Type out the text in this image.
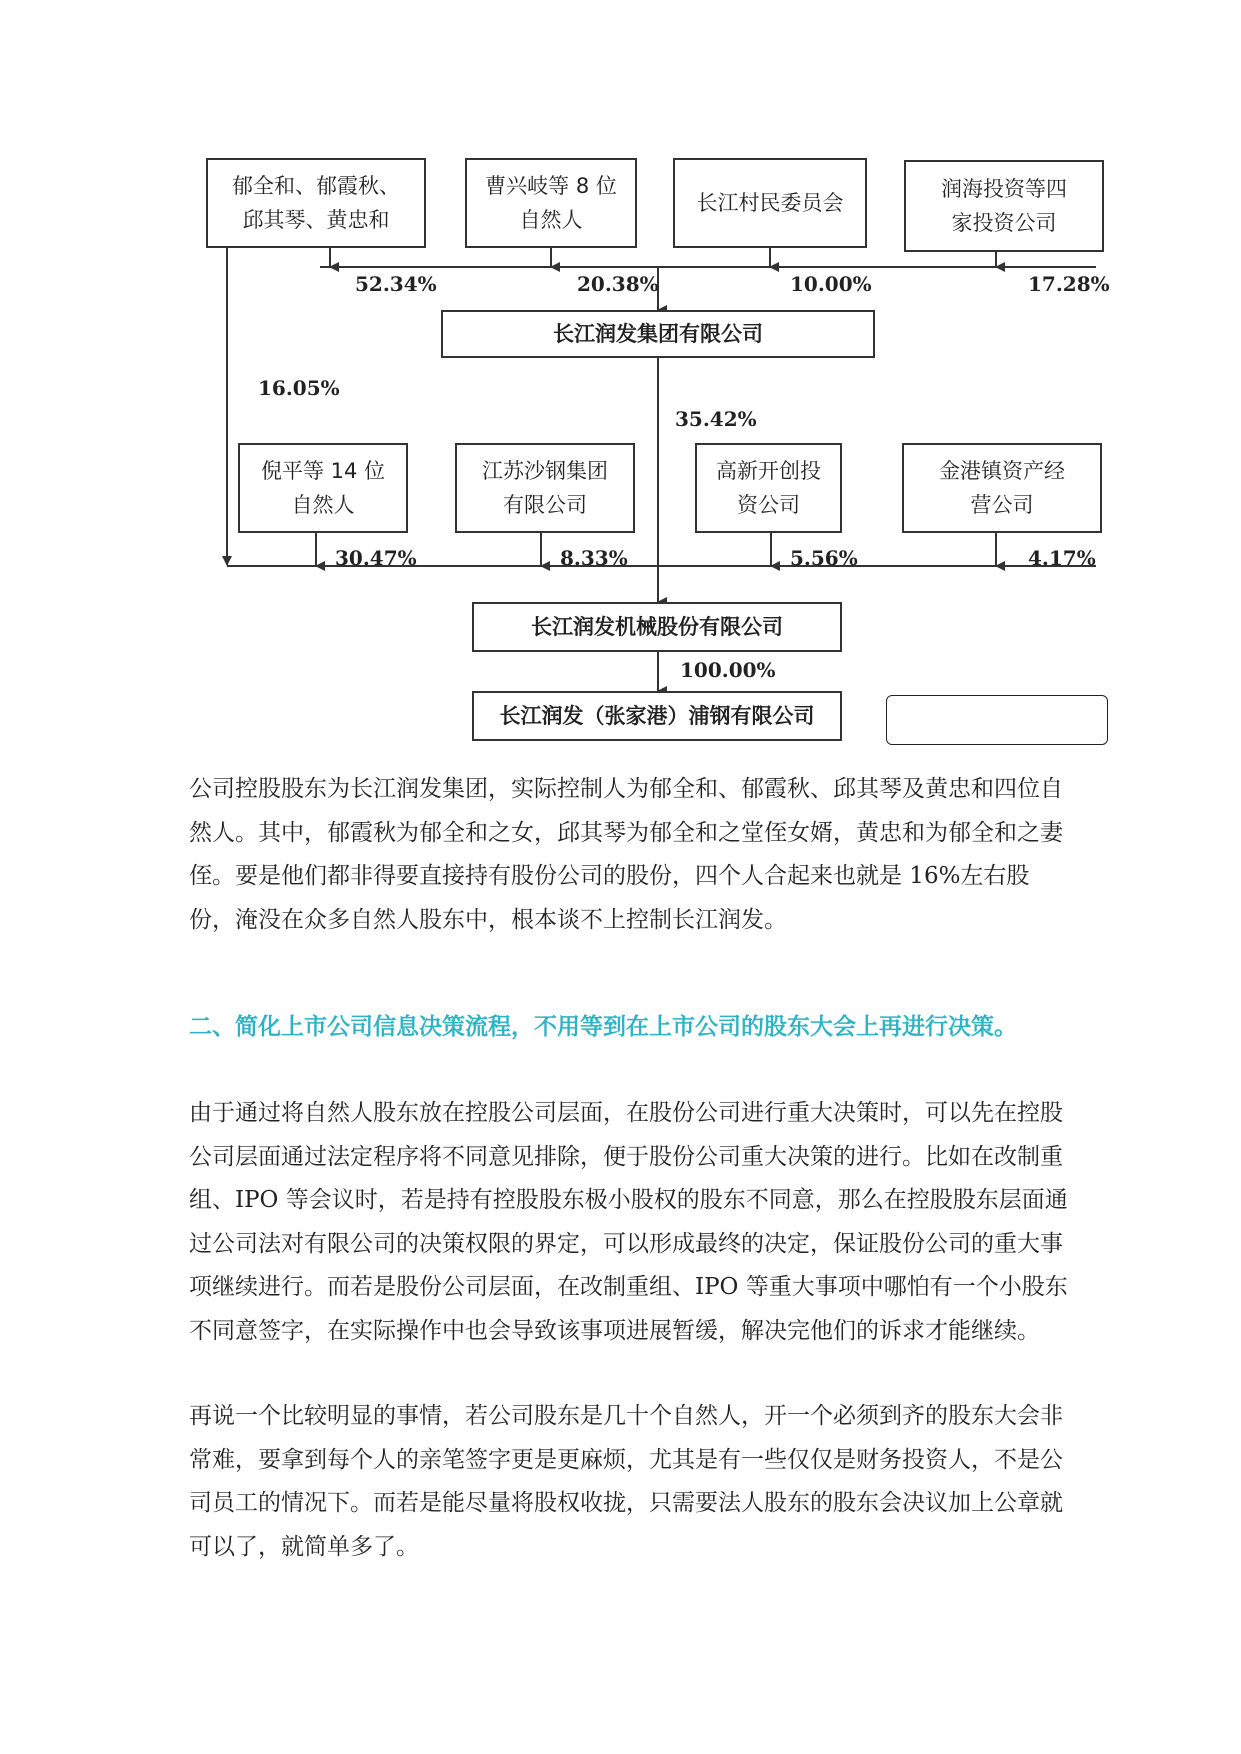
郁全和、郁霞秋、
邱其琴、黄忠和
曹兴岐等 8 位
自然人
长江村民委员会
润海投资等四
家投资公司
52.34%	20.38%	10.00%	17.28%
长江润发集团有限公司
16.05%
35.42%
倪平等 14 位
自然人
江苏沙钢集团
有限公司
高新开创投
资公司
金港镇资产经
营公司
30.47%	8.33%	5.56%	4.17%
长江润发机械股份有限公司
100.00%
长江润发（张家港）浦钢有限公司

公司控股股东为长江润发集团，实际控制人为郁全和、郁霞秋、邱其琴及黄忠和四位自然人。其中，郁霞秋为郁全和之女，邱其琴为郁全和之堂侄女婿，黄忠和为郁全和之妻侄。要是他们都非得要直接持有股份公司的股份，四个人合起来也就是 16%左右股份，淹没在众多自然人股东中，根本谈不上控制长江润发。

二、简化上市公司信息决策流程，不用等到在上市公司的股东大会上再进行决策。

由于通过将自然人股东放在控股公司层面，在股份公司进行重大决策时，可以先在控股公司层面通过法定程序将不同意见排除，便于股份公司重大决策的进行。比如在改制重组、IPO 等会议时，若是持有控股股东极小股权的股东不同意，那么在控股股东层面通过公司法对有限公司的决策权限的界定，可以形成最终的决定，保证股份公司的重大事项继续进行。而若是股份公司层面，在改制重组、IPO 等重大事项中哪怕有一个小股东不同意签字，在实际操作中也会导致该事项进展暂缓，解决完他们的诉求才能继续。

再说一个比较明显的事情，若公司股东是几十个自然人，开一个必须到齐的股东大会非常难，要拿到每个人的亲笔签字更是更麻烦，尤其是有一些仅仅是财务投资人，不是公司员工的情况下。而若是能尽量将股权收拢，只需要法人股东的股东会决议加上公章就可以了，就简单多了。
